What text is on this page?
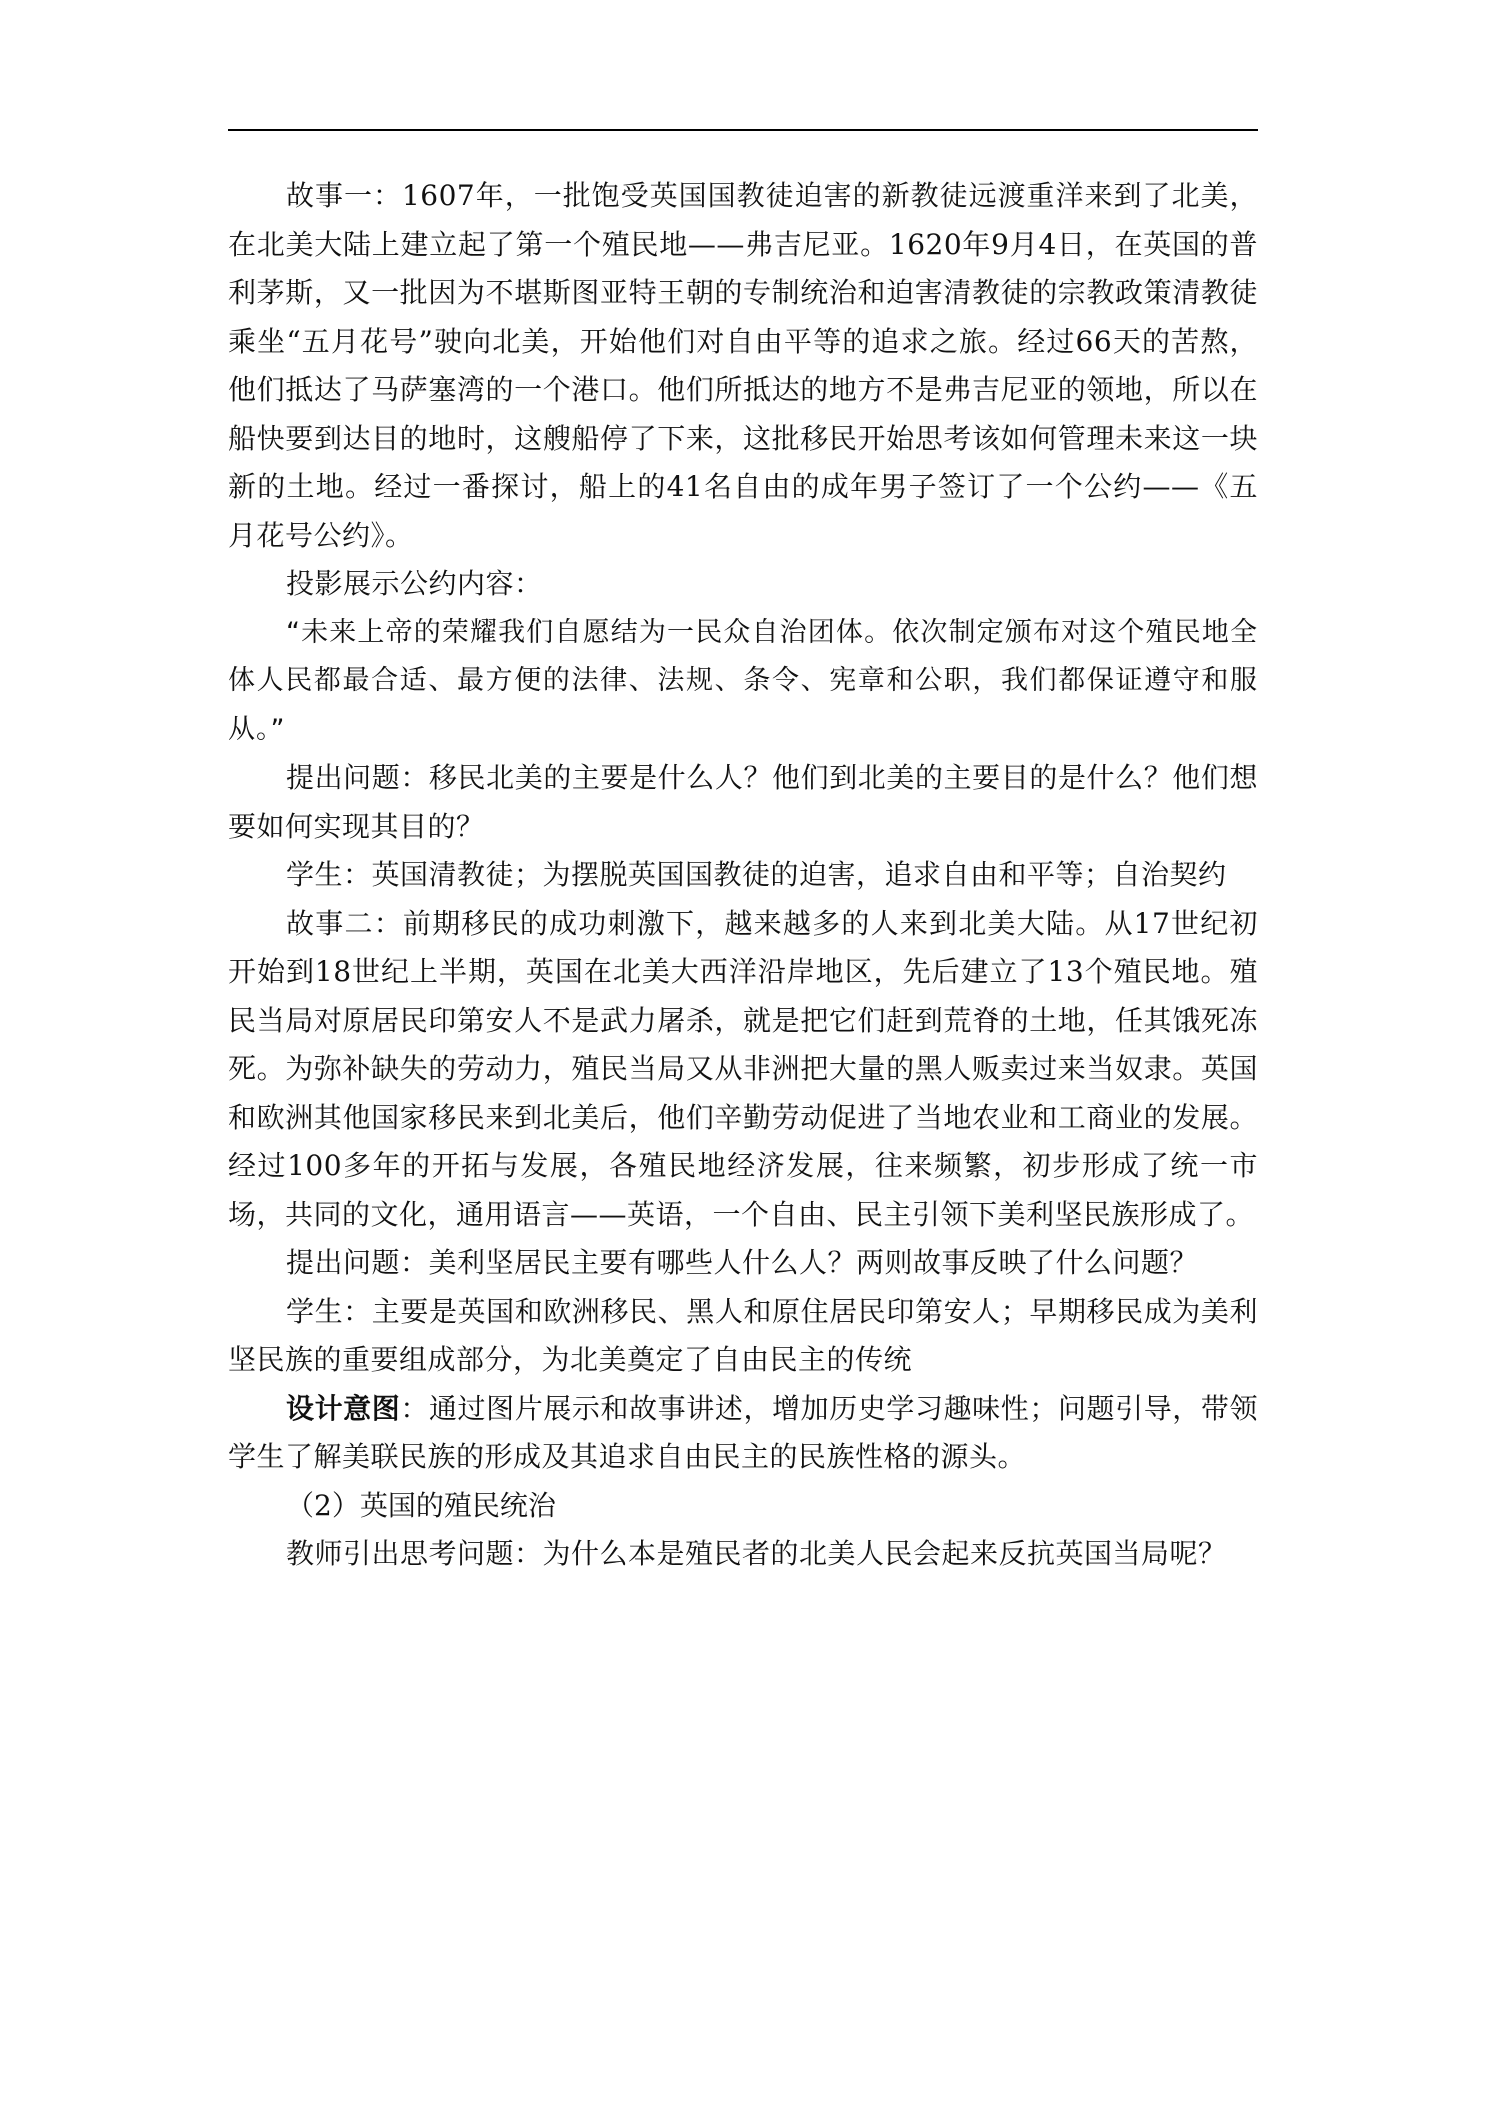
故事一：1607年，一批饱受英国国教徒迫害的新教徒远渡重洋来到了北美，在北美大陆上建立起了第一个殖民地——弗吉尼亚。1620年9月4日，在英国的普利茅斯，又一批因为不堪斯图亚特王朝的专制统治和迫害清教徒的宗教政策清教徒乘坐“五月花号”驶向北美，开始他们对自由平等的追求之旅。经过66天的苦熬，他们抵达了马萨塞湾的一个港口。他们所抵达的地方不是弗吉尼亚的领地，所以在船快要到达目的地时，这艘船停了下来，这批移民开始思考该如何管理未来这一块新的土地。经过一番探讨，船上的41名自由的成年男子签订了一个公约——《五月花号公约》。

投影展示公约内容：

“未来上帝的荣耀我们自愿结为一民众自治团体。依次制定颁布对这个殖民地全体人民都最合适、最方便的法律、法规、条令、宪章和公职，我们都保证遵守和服从。”

提出问题：移民北美的主要是什么人？他们到北美的主要目的是什么？他们想要如何实现其目的？

学生：英国清教徒；为摆脱英国国教徒的迫害，追求自由和平等；自治契约

故事二：前期移民的成功刺激下，越来越多的人来到北美大陆。从17世纪初开始到18世纪上半期，英国在北美大西洋沿岸地区，先后建立了13个殖民地。殖民当局对原居民印第安人不是武力屠杀，就是把它们赶到荒脊的土地，任其饿死冻死。为弥补缺失的劳动力，殖民当局又从非洲把大量的黑人贩卖过来当奴隶。英国和欧洲其他国家移民来到北美后，他们辛勤劳动促进了当地农业和工商业的发展。经过100多年的开拓与发展，各殖民地经济发展，往来频繁，初步形成了统一市场，共同的文化，通用语言——英语，一个自由、民主引领下美利坚民族形成了。

提出问题：美利坚居民主要有哪些人什么人？两则故事反映了什么问题？

学生：主要是英国和欧洲移民、黑人和原住居民印第安人；早期移民成为美利坚民族的重要组成部分，为北美奠定了自由民主的传统

设计意图：通过图片展示和故事讲述，增加历史学习趣味性；问题引导，带领学生了解美联民族的形成及其追求自由民主的民族性格的源头。

（2）英国的殖民统治

教师引出思考问题：为什么本是殖民者的北美人民会起来反抗英国当局呢？
